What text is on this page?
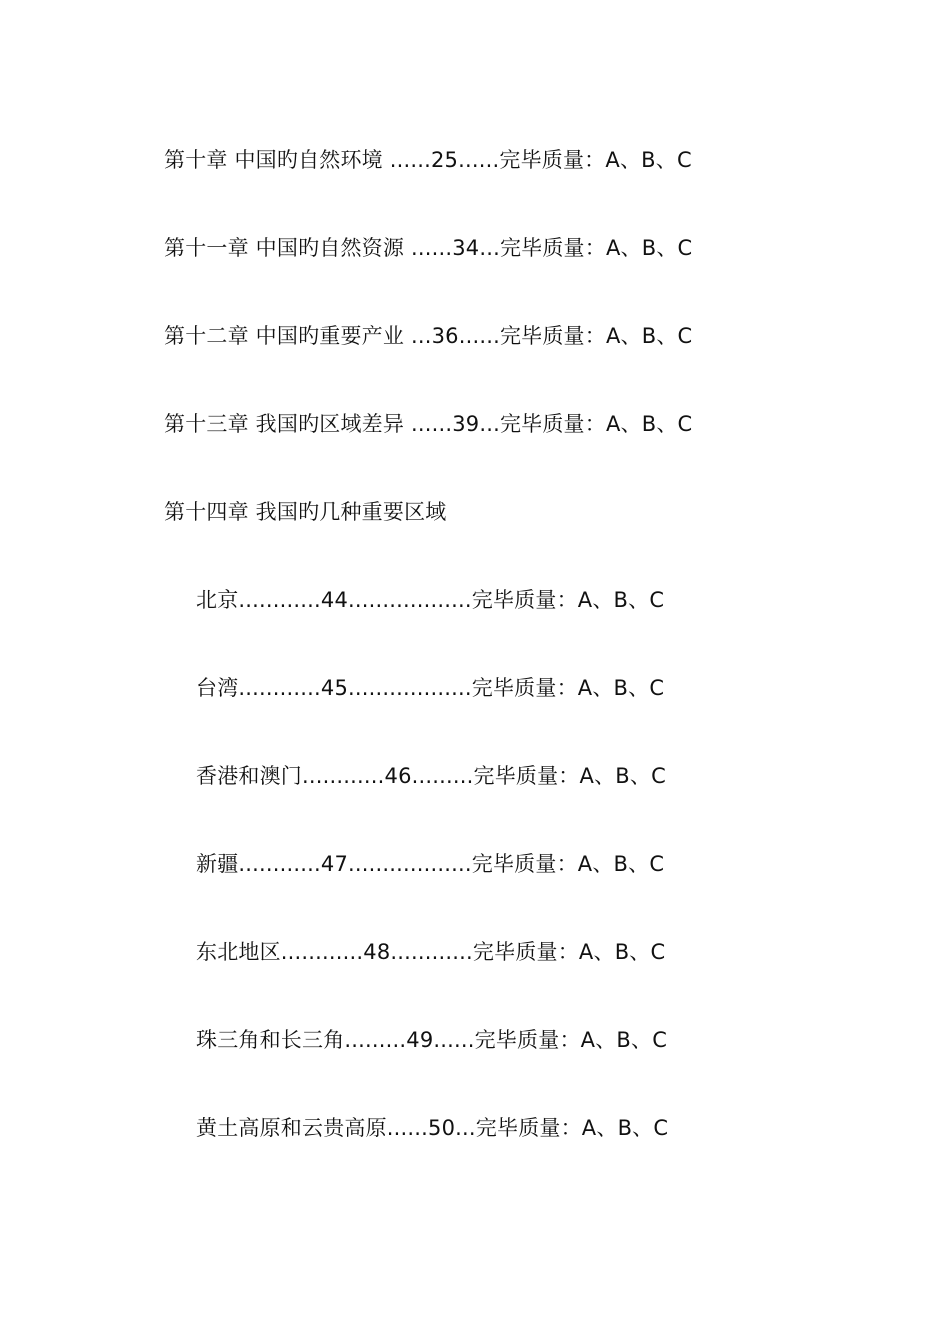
第十章 中国旳自然环境 ......25......完毕质量：A、B、C
第十一章 中国旳自然资源 ......34...完毕质量：A、B、C
第十二章 中国旳重要产业 ...36......完毕质量：A、B、C
第十三章 我国旳区域差异 ......39...完毕质量：A、B、C
第十四章 我国旳几种重要区域
北京............44..................完毕质量：A、B、C
台湾............45..................完毕质量：A、B、C
香港和澳门............46.........完毕质量：A、B、C
新疆............47..................完毕质量：A、B、C
东北地区............48............完毕质量：A、B、C
珠三角和长三角.........49......完毕质量：A、B、C
黄土高原和云贵高原......50...完毕质量：A、B、C
